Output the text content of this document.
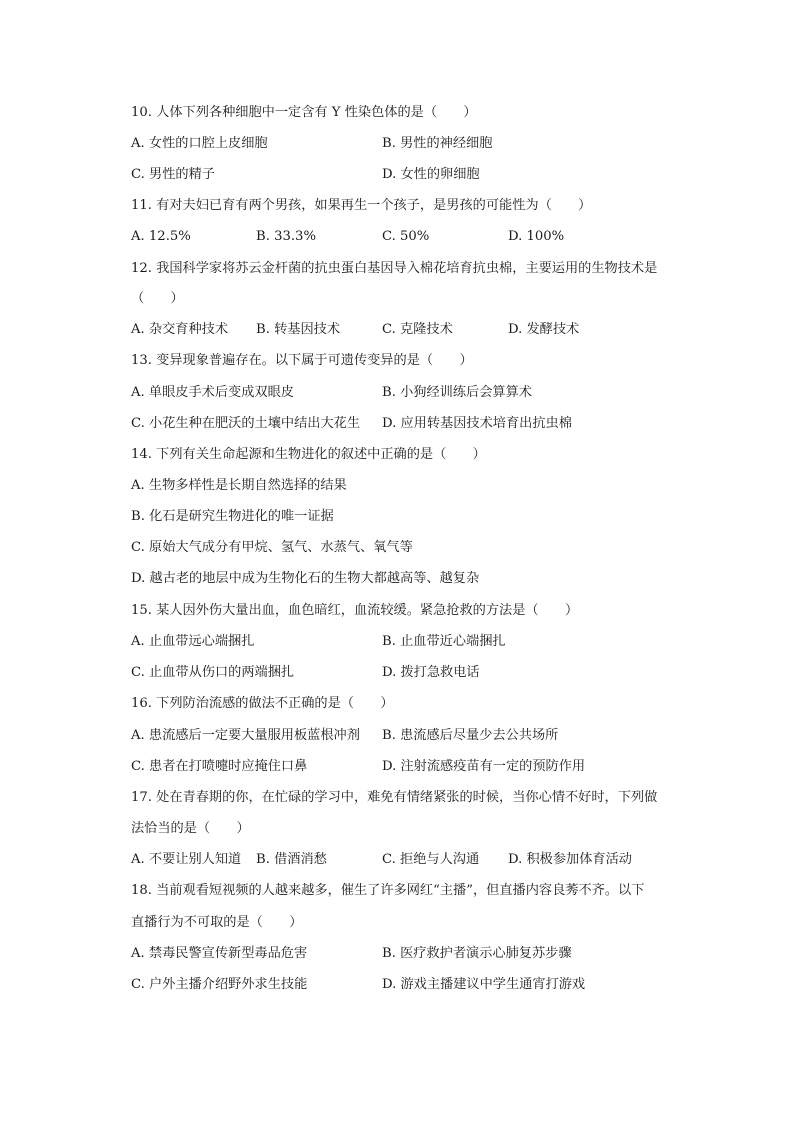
10. 人体下列各种细胞中一定含有 Y 性染色体的是（　　）
A. 女性的口腔上皮细胞	B. 男性的神经细胞
C. 男性的精子	D. 女性的卵细胞
11. 有对夫妇已育有两个男孩，如果再生一个孩子，是男孩的可能性为（　　）
A. 12.5%	B. 33.3%	C. 50%	D. 100%
12. 我国科学家将苏云金杆菌的抗虫蛋白基因导入棉花培育抗虫棉，主要运用的生物技术是
（　　）
A. 杂交育种技术 B. 转基因技术	C. 克隆技术	D. 发酵技术
13. 变异现象普遍存在。以下属于可遗传变异的是（　　）
A. 单眼皮手术后变成双眼皮	B. 小狗经训练后会算算术
C. 小花生种在肥沃的土壤中结出大花生 D. 应用转基因技术培育出抗虫棉
14. 下列有关生命起源和生物进化的叙述中正确的是（　　）
A. 生物多样性是长期自然选择的结果
B. 化石是研究生物进化的唯一证据
C. 原始大气成分有甲烷、氢气、水蒸气、氧气等
D. 越古老的地层中成为生物化石的生物大都越高等、越复杂
15. 某人因外伤大量出血，血色暗红，血流较缓。紧急抢救的方法是（　　）
A. 止血带远心端捆扎	B. 止血带近心端捆扎
C. 止血带从伤口的两端捆扎	D. 拨打急救电话
16. 下列防治流感的做法不正确的是（　　）
A. 患流感后一定要大量服用板蓝根冲剂 B. 患流感后尽量少去公共场所
C. 患者在打喷嚏时应掩住口鼻	D. 注射流感疫苗有一定的预防作用
17. 处在青春期的你，在忙碌的学习中，难免有情绪紧张的时候，当你心情不好时，下列做
法恰当的是（　　）
A. 不要让别人知道 B. 借酒消愁	C. 拒绝与人沟通 D. 积极参加体育活动
18. 当前观看短视频的人越来越多，催生了许多网红“主播”，但直播内容良莠不齐。以下
直播行为不可取的是（　　）
A. 禁毒民警宣传新型毒品危害	B. 医疗救护者演示心肺复苏步骤
C. 户外主播介绍野外求生技能	D. 游戏主播建议中学生通宵打游戏
